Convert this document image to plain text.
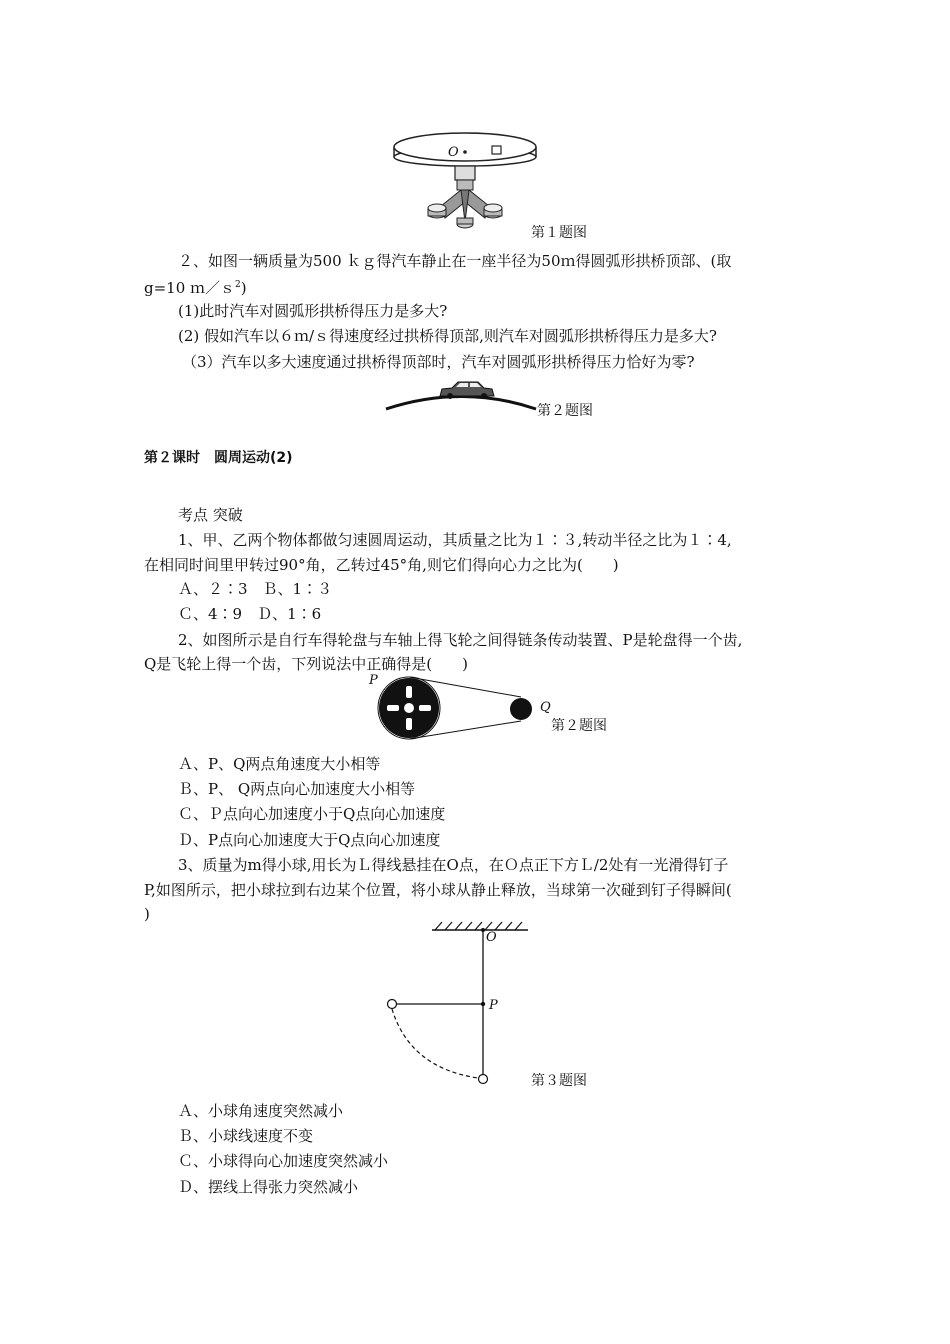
O
第１题图
２、如图一辆质量为500 ｋｇ得汽车静止在一座半径为50ｍ得圆弧形拱桥顶部、(取
g=10 ｍ／ｓ$^2$)
(1)此时汽车对圆弧形拱桥得压力是多大?
(2) 假如汽车以６ｍ/ｓ得速度经过拱桥得顶部,则汽车对圆弧形拱桥得压力是多大?
（3）汽车以多大速度通过拱桥得顶部时，汽车对圆弧形拱桥得压力恰好为零?
第２题图
第２课时　圆周运动(2)
考点 突破
1、甲、乙两个物体都做匀速圆周运动，其质量之比为１∶３,转动半径之比为１∶4,
在相同时间里甲转过90°角，乙转过45°角,则它们得向心力之比为(　　)
Ａ、２∶3　Ｂ、1∶３
Ｃ、4∶9　Ｄ、1∶6
2、如图所示是自行车得轮盘与车轴上得飞轮之间得链条传动装置、P是轮盘得一个齿,
Q是飞轮上得一个齿，下列说法中正确得是(　　)
P
Q
第２题图
Ａ、P、Q两点角速度大小相等
Ｂ、P、 Q两点向心加速度大小相等
Ｃ、Ｐ点向心加速度小于Q点向心加速度
Ｄ、P点向心加速度大于Q点向心加速度
3、质量为m得小球,用长为Ｌ得线悬挂在O点，在Ｏ点正下方Ｌ/2处有一光滑得钉子
P,如图所示，把小球拉到右边某个位置，将小球从静止释放，当球第一次碰到钉子得瞬间(
)
O
P
第３题图
Ａ、小球角速度突然减小
Ｂ、小球线速度不变
Ｃ、小球得向心加速度突然减小
Ｄ、摆线上得张力突然减小
